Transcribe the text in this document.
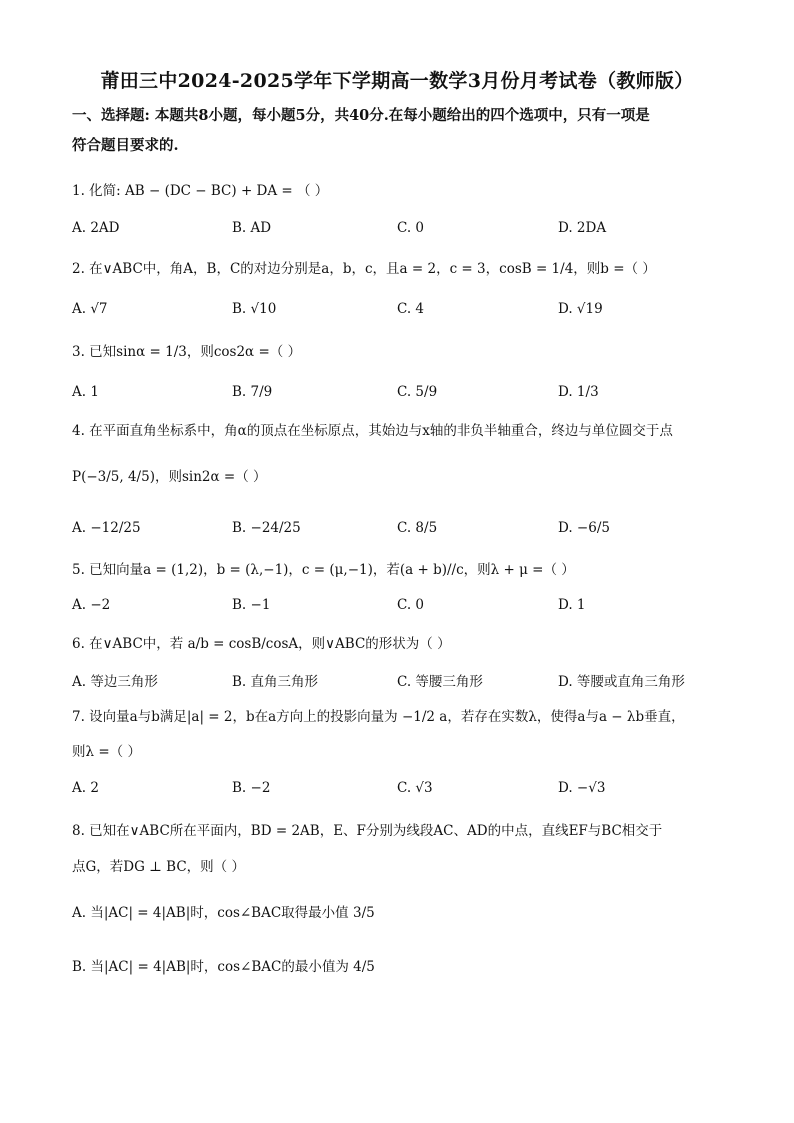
莆田三中2024-2025学年下学期高一数学3月份月考试卷（教师版）
一、选择题: 本题共8小题，每小题5分，共40分.在每小题给出的四个选项中，只有一项是
符合题目要求的.
1. 化简: AB − (DC − BC) + DA = （ ）
A. 2AD	B. AD	C. 0	D. 2DA
2. 在∨ABC中，角A，B，C的对边分别是a，b，c，且a = 2，c = 3，cosB = 1/4，则b =（ ）
A. √7	B. √10	C. 4	D. √19
3. 已知sinα = 1/3，则cos2α =（ ）
A. 1	B. 7/9	C. 5/9	D. 1/3
4. 在平面直角坐标系中，角α的顶点在坐标原点，其始边与x轴的非负半轴重合，终边与单位圆交于点
P(−3/5, 4/5)，则sin2α =（ ）
A. −12/25	B. −24/25	C. 8/5	D. −6/5
5. 已知向量a = (1,2)，b = (λ,−1)，c = (μ,−1)，若(a + b)//c，则λ + μ =（ ）
A. −2	B. −1	C. 0	D. 1
6. 在∨ABC中，若 a/b = cosB/cosA，则∨ABC的形状为（ ）
A. 等边三角形	B. 直角三角形	C. 等腰三角形	D. 等腰或直角三角形
7. 设向量a与b满足|a| = 2，b在a方向上的投影向量为 −1/2 a，若存在实数λ，使得a与a − λb垂直，
则λ =（ ）
A. 2	B. −2	C. √3	D. −√3
8. 已知在∨ABC所在平面内，BD = 2AB，E、F分别为线段AC、AD的中点，直线EF与BC相交于
点G，若DG ⊥ BC，则（ ）
A. 当|AC| = 4|AB|时，cos∠BAC取得最小值 3/5
B. 当|AC| = 4|AB|时，cos∠BAC的最小值为 4/5
